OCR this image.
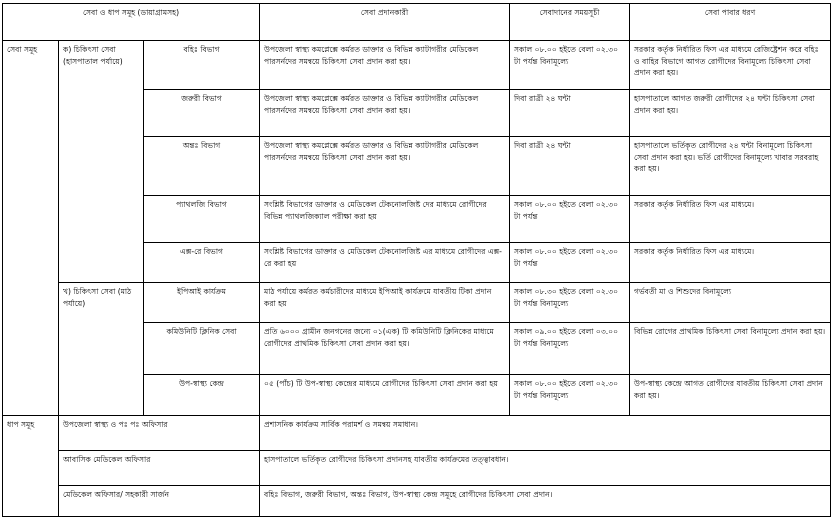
সেবা ও ধাপ সমূহ (ডায়াগ্রামসহ)			সেবা প্রদানকারী	সেবাদানের সময়সূচী	সেবা পাবার ধরণ
সেবা সমূহ	ক) চিকিৎসা সেবা (হাসপাতাল পর্যায়ে)	বহিঃ বিভাগ	উপজেলা স্বাস্থ্য কমপ্লেক্সে কর্মরত ডাক্তার ও বিভিন্ন ক্যাটাগরীর মেডিকেল পারসর্নদের সমন্বয়ে চিকিৎসা সেবা প্রদান করা হয়।	সকাল ০৮.০০ হইতে বেলা ০২.৩০ টা পর্যন্ত বিনামূল্যে	সরকার কর্তৃক নির্ধারিত ফিস এর মাধ্যমে রেজিষ্ট্রেশন করে বহিঃ ও বাহির বিভাগে আগত রোগীদের বিনামূল্যে চিকিৎসা সেবা প্রদান করা হয়।
		জরুরী বিভাগ	উপজেলা স্বাস্থ্য কমপ্লেক্সে কর্মরত ডাক্তার ও বিভিন্ন ক্যাটাগরীর মেডিকেল পারসর্নদের সমন্বয়ে চিকিৎসা সেবা প্রদান করা হয়।	দিবা রাত্রী ২৪ ঘন্টা	হাসপাতালে আগত জরুরী রোগীদের ২৪ ঘন্টা চিকিৎসা সেবা প্রদান করা হয়।
		অন্তঃ বিভাগ	উপজেলা স্বাস্থ্য কমপ্লেক্সে কর্মরত ডাক্তার ও বিভিন্ন ক্যাটাগরীর মেডিকেল পারসর্নদের সমন্বয়ে চিকিৎসা সেবা প্রদান করা হয়।	দিবা রাত্রী ২৪ ঘন্টা	হাসপাতালে ভর্তিকৃত রোগীদের ২৪ ঘন্টা বিনামূল্যে চিকিৎসা সেবা প্রদান করা হয়। ভর্তি রোগীদের বিনামূল্যে খাবার সরবরাহ করা হয়।
		প্যাথলজি বিভাগ	সংশ্লিষ্ট বিভাগের ডাক্তার ও মেডিকেল টেকনোলজিষ্ট দের মাধ্যমে রোগীদের বিভিন্ন প্যাথলজিক্যাল পরীক্ষা করা হয়	সকাল ০৮.০০ হইতে বেলা ০২.৩০ টা পর্যন্ত	সরকার কর্তৃক নির্ধারিত ফিস এর মাধ্যমে।
		এক্স-রে বিভাগ	সংশ্লিষ্ট বিভাগের ডাক্তার ও মেডিকেল টেকনোলজিষ্ট এর মাধ্যমে রোগীদের এক্স-রে করা হয়	সকাল ০৮.০০ হইতে বেলা ০২.৩০ টা পর্যন্ত	সরকার কর্তৃক নির্ধারিত ফিস এর মাধ্যমে।
	খ) চিকিৎসা সেবা (মাঠ পর্যায়ে)	ইপিআই কার্যক্রম	মাঠ পর্যায়ে কর্মরত কর্মচারীদের মাধ্যমে ইপিআই কার্যক্রমে যাবতীয় টিকা প্রদান করা হয়	সকাল ০৮.৩০ হইতে বেলা ০২.৩০ টা পর্যন্ত বিনামূল্যে	গর্ভবতী মা ও শিশুদের বিনামূল্যে
		কমিউনিটি ক্লিনিক সেবা	প্রতি ৬০০০ গ্রামীন জনগনের জন্যে ০১(এক) টি কমিউনিটি ক্লিনিকের মাধ্যমে রোগীদের প্রাথমিক চিকিৎসা সেবা প্রদান করা হয়।	সকাল ০৯.০০ হইতে বেলা ০৩.০০ টা পর্যন্ত বিনামূল্যে	বিভিন্ন রোগের প্রাথমিক চিকিৎসা সেবা বিনামূল্যে প্রদান করা হয়।
		উপ-স্বাস্থ্য কেন্দ্র	০৫ (পাঁচ) টি উপ-স্বাস্থ্য কেন্দ্রের মাধ্যমে রোগীদের চিকিৎসা সেবা প্রদান করা হয়	সকাল ০৮.০০ হইতে বেলা ০২.৩০ টা পর্যন্ত বিনামূল্যে	উপ-স্বাস্থ্য কেন্দ্রে আগত রোগীদের যাবতীয় চিকিৎসা সেবা প্রদান করা হয়।
ধাপ সমূহ	উপজেলা স্বাস্থ্য ও পঃ পঃ অফিসার		প্রশাসনিক কার্যক্রম সার্বিক পরামর্শ ও সমন্বয় সমাধান।		
	আবাসিক মেডিকেল অফিসার		হাসপাতালে ভর্তিকৃত রোগীদের চিকিৎসা প্রদানসহ যাবতীয় কার্যক্রমের তত্ত্বাবধান।		
	মেডিকেল অফিসার/ সহকারী সার্জন		বহিঃ বিভাগ, জরুরী বিভাগ, অন্তঃ বিভাগ, উপ-স্বাস্থ্য কেন্দ্র সমূহে রোগীদের চিকিৎসা সেবা প্রদান।		
